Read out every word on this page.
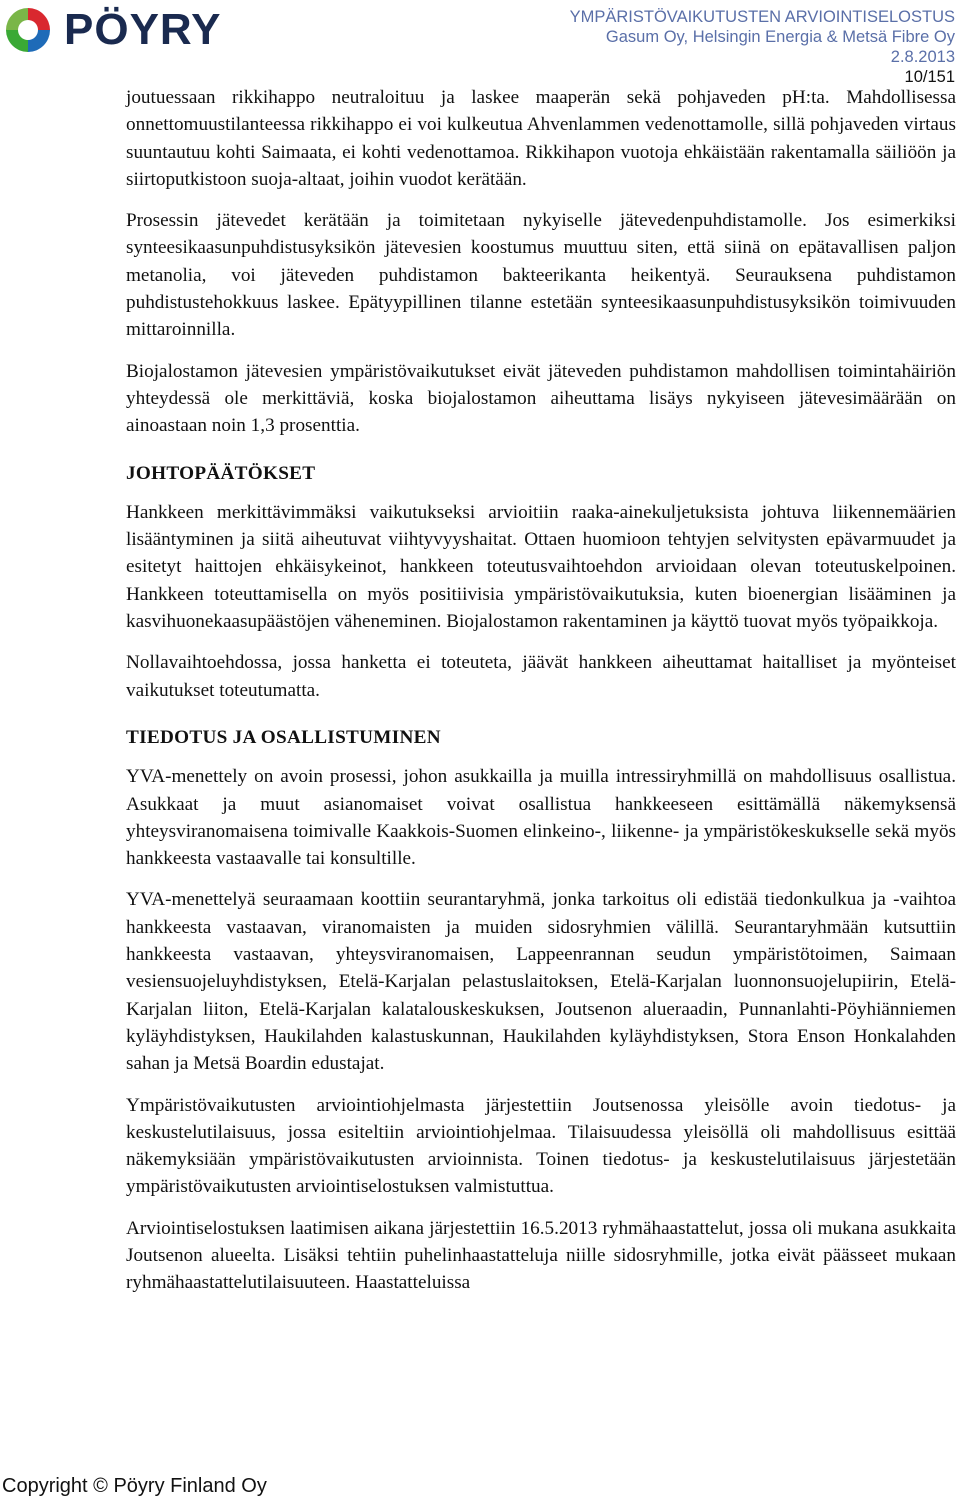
PÖYRY	YMPÄRISTÖVAIKUTUSTEN ARVIOINTISELOSTUS
Gasum Oy, Helsingin Energia & Metsä Fibre Oy
2.8.2013
10/151

joutuessaan rikkihappo neutraloituu ja laskee maaperän sekä pohjaveden pH:ta. Mahdollisessa onnettomuustilanteessa rikkihappo ei voi kulkeutua Ahvenlammen vedenottamolle, sillä pohjaveden virtaus suuntautuu kohti Saimaata, ei kohti vedenottamoa. Rikkihapon vuotoja ehkäistään rakentamalla säiliöön ja siirtoputkistoon suoja-altaat, joihin vuodot kerätään.

Prosessin jätevedet kerätään ja toimitetaan nykyiselle jätevedenpuhdistamolle. Jos esimerkiksi synteesikaasunpuhdistusyksikön jätevesien koostumus muuttuu siten, että siinä on epätavallisen paljon metanolia, voi jäteveden puhdistamon bakteerikanta heikentyä. Seurauksena puhdistamon puhdistustehokkuus laskee. Epätyypillinen tilanne estetään synteesikaasunpuhdistusyksikön toimivuuden mittaroinnilla.

Biojalostamon jätevesien ympäristövaikutukset eivät jäteveden puhdistamon mahdollisen toimintahäiriön yhteydessä ole merkittäviä, koska biojalostamon aiheuttama lisäys nykyiseen jätevesimäärään on ainoastaan noin 1,3 prosenttia.

JOHTOPÄÄTÖKSET

Hankkeen merkittävimmäksi vaikutukseksi arvioitiin raaka-ainekuljetuksista johtuva liikennemäärien lisääntyminen ja siitä aiheutuvat viihtyvyyshaitat. Ottaen huomioon tehtyjen selvitysten epävarmuudet ja esitetyt haittojen ehkäisykeinot, hankkeen toteutusvaihtoehdon arvioidaan olevan toteutuskelpoinen. Hankkeen toteuttamisella on myös positiivisia ympäristövaikutuksia, kuten bioenergian lisääminen ja kasvihuonekaasupäästöjen väheneminen. Biojalostamon rakentaminen ja käyttö tuovat myös työpaikkoja.

Nollavaihtoehdossa, jossa hanketta ei toteuteta, jäävät hankkeen aiheuttamat haitalliset ja myönteiset vaikutukset toteutumatta.

TIEDOTUS JA OSALLISTUMINEN

YVA-menettely on avoin prosessi, johon asukkailla ja muilla intressiryhmillä on mahdollisuus osallistua. Asukkaat ja muut asianomaiset voivat osallistua hankkeeseen esittämällä näkemyksensä yhteysviranomaisena toimivalle Kaakkois-Suomen elinkeino-, liikenne- ja ympäristökeskukselle sekä myös hankkeesta vastaavalle tai konsultille.

YVA-menettelyä seuraamaan koottiin seurantaryhmä, jonka tarkoitus oli edistää tiedonkulkua ja -vaihtoa hankkeesta vastaavan, viranomaisten ja muiden sidosryhmien välillä. Seurantaryhmään kutsuttiin hankkeesta vastaavan, yhteysviranomaisen, Lappeenrannan seudun ympäristötoimen, Saimaan vesiensuojeluyhdistyksen, Etelä-Karjalan pelastuslaitoksen, Etelä-Karjalan luonnonsuojelupiirin, Etelä-Karjalan liiton, Etelä-Karjalan kalatalouskeskuksen, Joutsenon alueraadin, Punnanlahti-Pöyhiänniemen kyläyhdistyksen, Haukilahden kalastuskunnan, Haukilahden kyläyhdistyksen, Stora Enson Honkalahden sahan ja Metsä Boardin edustajat.

Ympäristövaikutusten arviointiohjelmasta järjestettiin Joutsenossa yleisölle avoin tiedotus- ja keskustelutilaisuus, jossa esiteltiin arviointiohjelmaa. Tilaisuudessa yleisöllä oli mahdollisuus esittää näkemyksiään ympäristövaikutusten arvioinnista. Toinen tiedotus- ja keskustelutilaisuus järjestetään ympäristövaikutusten arviointiselostuksen valmistuttua.

Arviointiselostuksen laatimisen aikana järjestettiin 16.5.2013 ryhmähaastattelut, jossa oli mukana asukkaita Joutsenon alueelta. Lisäksi tehtiin puhelinhaastatteluja niille sidosryhmille, jotka eivät päässeet mukaan ryhmähaastattelutilaisuuteen. Haastatteluissa

Copyright © Pöyry Finland Oy
